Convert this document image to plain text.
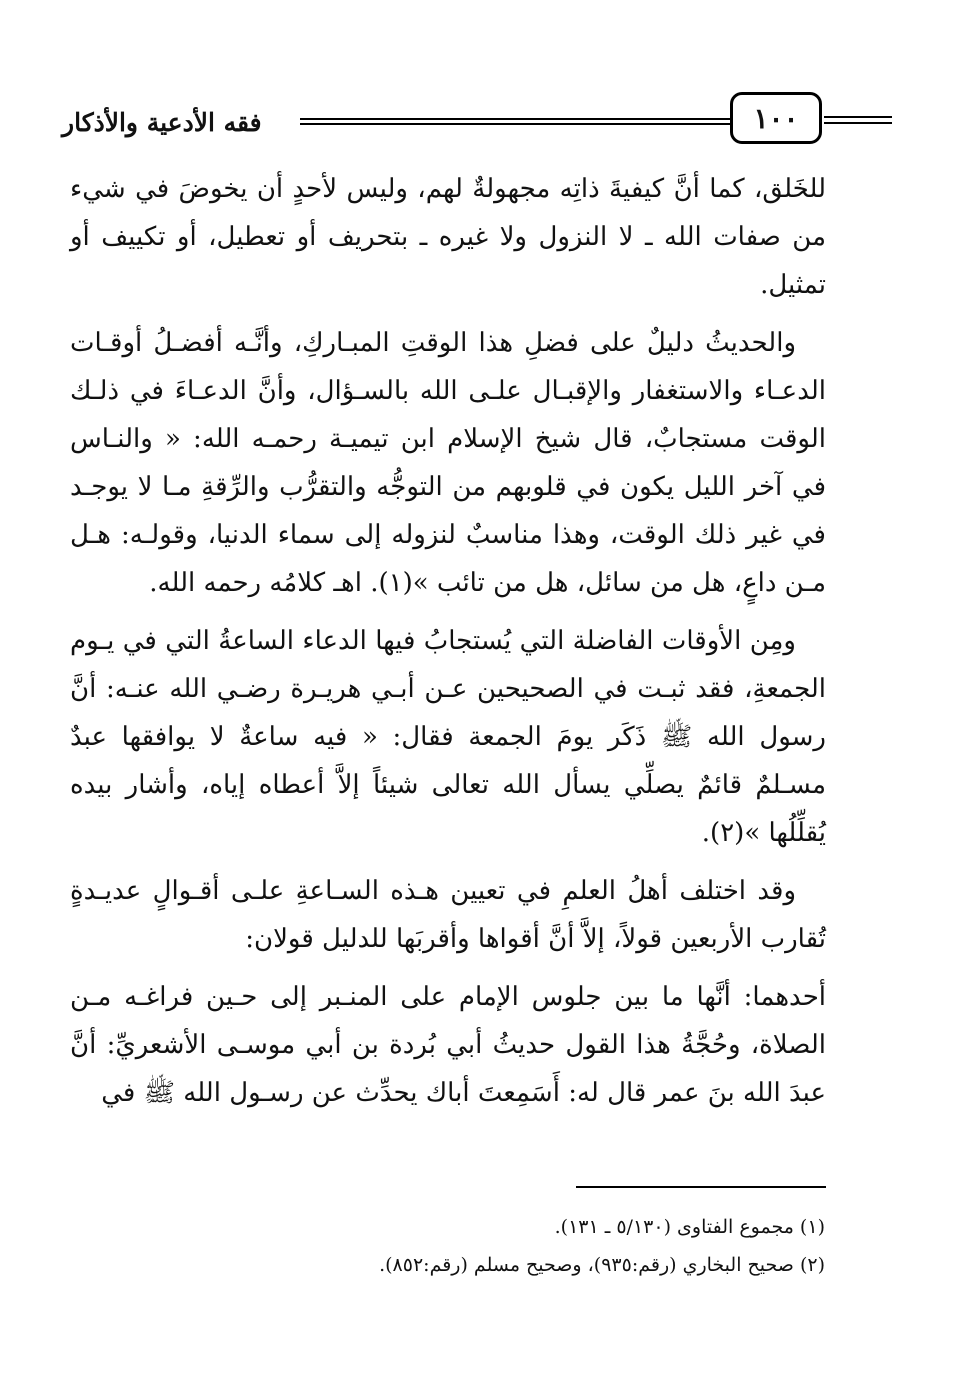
فقه الأدعية والأذكار	١٠٠

للخَلق، كما أنَّ كيفيةَ ذاتِه مجهولةٌ لهم، وليس لأحدٍ أن يخوضَ في شيء من صفات الله ـ لا النزول ولا غيره ـ بتحريف أو تعطيل، أو تكييف أو تمثيل.

والحديثُ دليلٌ على فضلِ هذا الوقتِ المبـاركِ، وأنَّـه أفضـلُ أوقـات الدعـاء والاستغفار والإقبـال علـى الله بالسـؤال، وأنَّ الدعـاءَ في ذلـك الوقت مستجابٌ، قال شيخ الإسلام ابن تيميـة رحمـه الله: « والنـاس في آخر الليل يكون في قلوبهم من التوجُّه والتقرُّب والرِّقةِ مـا لا يوجـد في غير ذلك الوقت، وهذا مناسبٌ لنزوله إلى سماء الدنيا، وقولـه: هـل مـن داعٍ، هل من سائل، هل من تائب »(١). اهـ كلامُه رحمه الله.

ومِن الأوقات الفاضلة التي يُستجابُ فيها الدعاء الساعةُ التي في يـوم الجمعةِ، فقد ثبـت في الصحيحين عـن أبـي هريـرة رضـي الله عنـه: أنَّ رسول الله ﷺ ذَكَر يومَ الجمعة فقال: « فيه ساعةٌ لا يوافقها عبدٌ مسـلمٌ قائمٌ يصلِّي يسأل الله تعالى شيئاً إلاَّ أعطاه إياه، وأشار بيده يُقلِّلُها »(٢).

وقد اختلف أهلُ العلمِ في تعيين هـذه السـاعةِ علـى أقـوالٍ عديـدةٍ تُقارب الأربعين قولاً، إلاَّ أنَّ أقواها وأقربَها للدليل قولان:

أحدهما: أنَّها ما بين جلوس الإمام على المنـبر إلى حـين فراغـه مـن الصلاة، وحُجَّةُ هذا القول حديثُ أبي بُردة بن أبي موسـى الأشعريِّ: أنَّ عبدَ الله بنَ عمر قال له: أَسَمِعتَ أباك يحدِّث عن رسـول الله ﷺ في

(١) مجموع الفتاوى (٥/١٣٠ ـ ١٣١).
(٢) صحيح البخاري (رقم:٩٣٥)، وصحيح مسلم (رقم:٨٥٢).
